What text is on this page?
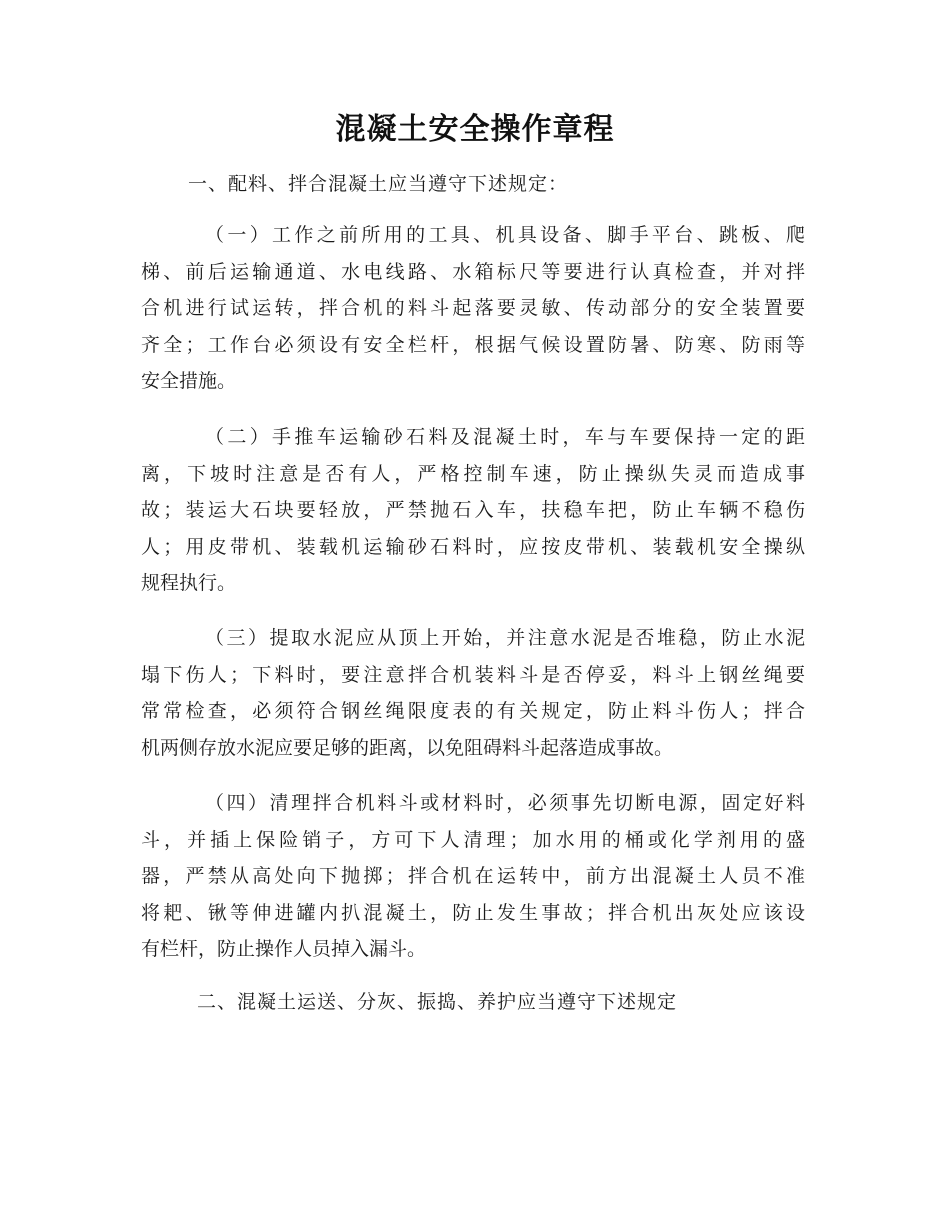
混凝土安全操作章程
一、配料、拌合混凝土应当遵守下述规定：
（一）工作之前所用的工具、机具设备、脚手平台、跳板、爬
梯、前后运输通道、水电线路、水箱标尺等要进行认真检查，并对拌
合机进行试运转，拌合机的料斗起落要灵敏、传动部分的安全装置要
齐全；工作台必须设有安全栏杆，根据气候设置防暑、防寒、防雨等
安全措施。
（二）手推车运输砂石料及混凝土时，车与车要保持一定的距
离，下坡时注意是否有人，严格控制车速，防止操纵失灵而造成事
故；装运大石块要轻放，严禁抛石入车，扶稳车把，防止车辆不稳伤
人；用皮带机、装载机运输砂石料时，应按皮带机、装载机安全操纵
规程执行。
（三）提取水泥应从顶上开始，并注意水泥是否堆稳，防止水泥
塌下伤人；下料时，要注意拌合机装料斗是否停妥，料斗上钢丝绳要
常常检查，必须符合钢丝绳限度表的有关规定，防止料斗伤人；拌合
机两侧存放水泥应要足够的距离，以免阻碍料斗起落造成事故。
（四）清理拌合机料斗或材料时，必须事先切断电源，固定好料
斗，并插上保险销子，方可下人清理；加水用的桶或化学剂用的盛
器，严禁从高处向下抛掷；拌合机在运转中，前方出混凝土人员不准
将耙、锹等伸进罐内扒混凝土，防止发生事故；拌合机出灰处应该设
有栏杆，防止操作人员掉入漏斗。
二、混凝土运送、分灰、振捣、养护应当遵守下述规定
